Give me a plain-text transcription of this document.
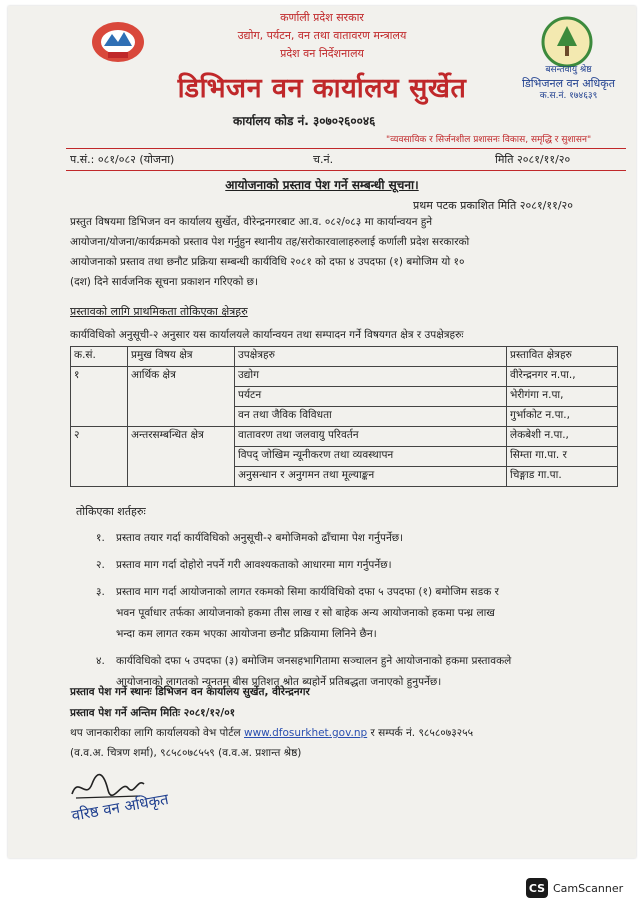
कर्णाली प्रदेश सरकार
उद्योग, पर्यटन, वन तथा वातावरण मन्त्रालय
प्रदेश वन निर्देशनालय
डिभिजन वन कार्यालय सुर्खेत
बसन्तवायु श्रेष्ठ
डिभिजनल वन अधिकृत
क.स.नं. १७४६३९
कार्यालय कोड नं. ३०७०२६००४६
"व्यवसायिक र सिर्जनशील प्रशासनः विकास, समृद्धि र सुशासन"
प.सं.: ०८१/०८२ (योजना)	च.नं.	मिति २०८१/११/२०
आयोजनाको प्रस्ताव पेश गर्ने सम्बन्धी सूचना।
प्रथम पटक प्रकाशित मिति २०८१/११/२०
प्रस्तुत विषयमा डिभिजन वन कार्यालय सुर्खेत, वीरेन्द्रनगरबाट आ.व. ०८२/०८३ मा कार्यान्वयन हुने
आयोजना/योजना/कार्यक्रमको प्रस्ताव पेश गर्नुहुन स्थानीय तह/सरोकारवालाहरुलाई कर्णाली प्रदेश सरकारको
आयोजनाको प्रस्ताव तथा छनौट प्रक्रिया सम्बन्धी कार्यविधि २०८१ को दफा ४ उपदफा (१) बमोजिम यो १०
(दश) दिने सार्वजनिक सूचना प्रकाशन गरिएको छ।
प्रस्तावको लागि प्राथमिकता तोकिएका क्षेत्रहरु
कार्यविधिको अनुसूची-२ अनुसार यस कार्यालयले कार्यान्वयन तथा सम्पादन गर्ने विषयगत क्षेत्र र उपक्षेत्रहरुः
क.सं.	प्रमुख विषय क्षेत्र	उपक्षेत्रहरु	प्रस्तावित क्षेत्रहरु
१	आर्थिक क्षेत्र	उद्योग	वीरेन्द्रनगर न.पा.,
		पर्यटन	भेरीगंगा न.पा,
		वन तथा जैविक विविधता	गुर्भाकोट न.पा.,
२	अन्तरसम्बन्धित क्षेत्र	वातावरण तथा जलवायु परिवर्तन	लेकबेशी न.पा.,
		विपद् जोखिम न्यूनीकरण तथा व्यवस्थापन	सिम्ता गा.पा. र
		अनुसन्धान र अनुगमन तथा मूल्याङ्कन	चिङ्गाड गा.पा.
तोकिएका शर्तहरुः
१.	प्रस्ताव तयार गर्दा कार्यविधिको अनुसूची-२ बमोजिमको ढाँचामा पेश गर्नुपर्नेछ।
२.	प्रस्ताव माग गर्दा दोहोरो नपर्ने गरी आवश्यकताको आधारमा माग गर्नुपर्नेछ।
३.	प्रस्ताव माग गर्दा आयोजनाको लागत रकमको सिमा कार्यविधिको दफा ५ उपदफा (१) बमोजिम सडक र
भवन पूर्वाधार तर्फका आयोजनाको हकमा तीस लाख र सो बाहेक अन्य आयोजनाको हकमा पन्ध्र लाख
भन्दा कम लागत रकम भएका आयोजना छनौट प्रक्रियामा लिनिने छैन।
४.	कार्यविधिको दफा ५ उपदफा (३) बमोजिम जनसहभागितामा सञ्चालन हुने आयोजनाको हकमा प्रस्तावकले
आयोजनाको लागतको न्यूनतम् बीस प्रतिशत श्रोत ब्यहोर्ने प्रतिबद्धता जनाएको हुनुपर्नेछ।
प्रस्ताव पेश गर्ने स्थानः डिभिजन वन कार्यालय सुर्खेत, वीरेन्द्रनगर
प्रस्ताव पेश गर्ने अन्तिम मितिः २०८१/१२/०१
थप जानकारीका लागि कार्यालयको वेभ पोर्टल www.dfosurkhet.gov.np र सम्पर्क नं. ९८५८०७३२५५
(व.व.अ. चित्रण शर्मा), ९८५८०७८५५९ (व.व.अ. प्रशान्त श्रेष्ठ)
वरिष्ठ वन अधिकृत
CS CamScanner
